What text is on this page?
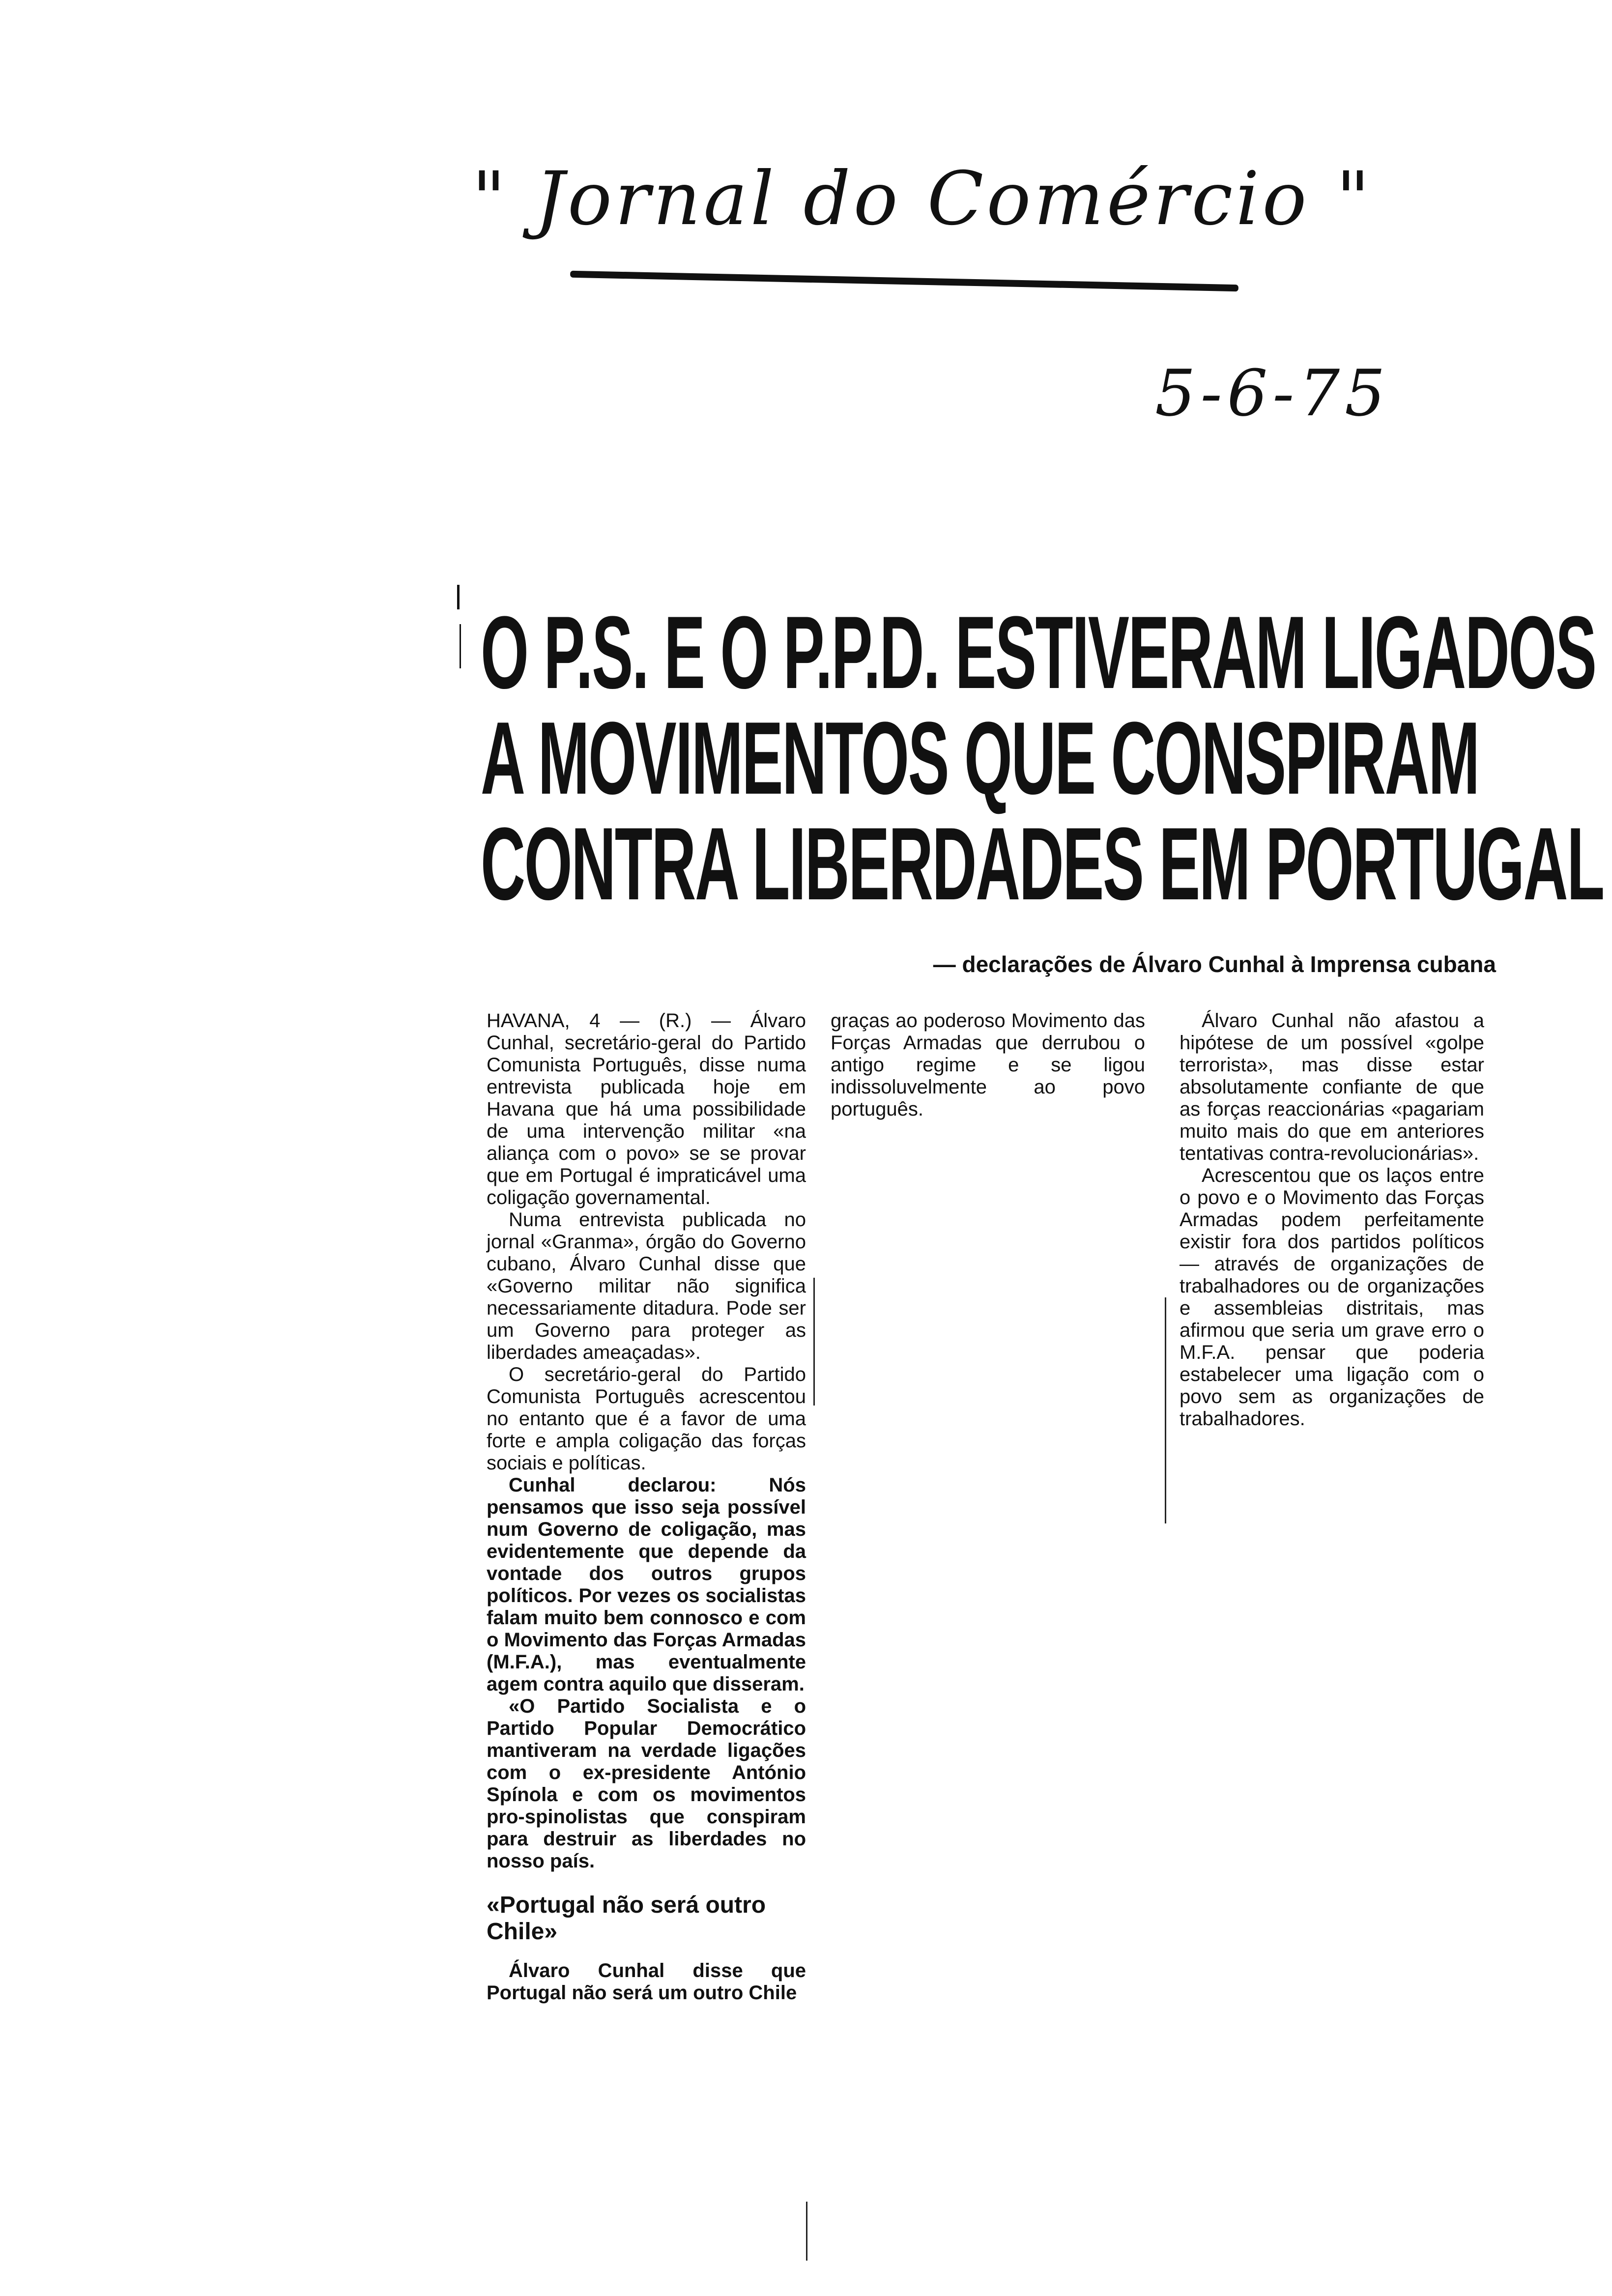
" Jornal do Comércio "
5-6-75
O P.S. E O P.P.D. ESTIVERAM LIGADOS
A MOVIMENTOS QUE CONSPIRAM
CONTRA LIBERDADES EM PORTUGAL
— declarações de Álvaro Cunhal à Imprensa cubana

HAVANA, 4 — (R.) — Álvaro Cunhal, secretário-geral do Partido Comunista Português, disse numa entrevista publicada hoje em Havana que há uma possibilidade de uma intervenção militar «na aliança com o povo» se se provar que em Portugal é impraticável uma coligação governamental.

Numa entrevista publicada no jornal «Granma», órgão do Governo cubano, Álvaro Cunhal disse que «Governo militar não significa necessariamente ditadura. Pode ser um Governo para proteger as liberdades ameaçadas».

O secretário-geral do Partido Comunista Português acrescentou no entanto que é a favor de uma forte e ampla coligação das forças sociais e políticas.

Cunhal declarou: Nós pensamos que isso seja possível num Governo de coligação, mas evidentemente que depende da vontade dos outros grupos políticos. Por vezes os socialistas falam muito bem connosco e com o Movimento das Forças Armadas (M.F.A.), mas eventualmente agem contra aquilo que disseram.

«O Partido Socialista e o Partido Popular Democrático mantiveram na verdade ligações com o ex-presidente António Spínola e com os movimentos pro-spinolistas que conspiram para destruir as liberdades no nosso país.

«Portugal não será outro Chile»

Álvaro Cunhal disse que Portugal não será um outro Chile

graças ao poderoso Movimento das Forças Armadas que derrubou o antigo regime e se ligou indissoluvelmente ao povo português.

Álvaro Cunhal não afastou a hipótese de um possível «golpe terrorista», mas disse estar absolutamente confiante de que as forças reaccionárias «pagariam muito mais do que em anteriores tentativas contra-revolucionárias».

Acrescentou que os laços entre o povo e o Movimento das Forças Armadas podem perfeitamente existir fora dos partidos políticos — através de organizações de trabalhadores ou de organizações e assembleias distritais, mas afirmou que seria um grave erro o M.F.A. pensar que poderia estabelecer uma ligação com o povo sem as organizações de trabalhadores.
